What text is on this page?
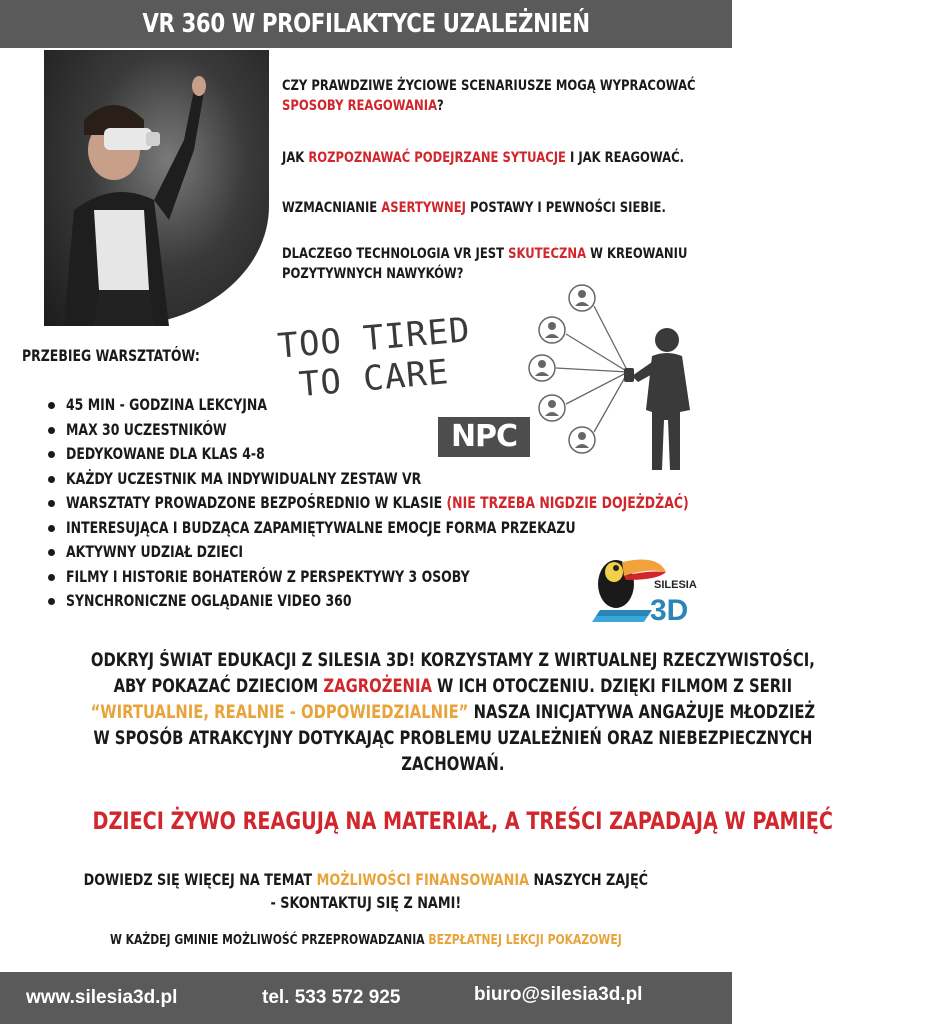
VR 360 W PROFILAKTYCE UZALEŻNIEŃ
CZY PRAWDZIWE ŻYCIOWE SCENARIUSZE MOGĄ WYPRACOWAĆ
SPOSOBY REAGOWANIA?
JAK ROZPOZNAWAĆ PODEJRZANE SYTUACJE I JAK REAGOWAĆ.
WZMACNIANIE ASERTYWNEJ POSTAWY I PEWNOŚCI SIEBIE.
DLACZEGO TECHNOLOGIA VR JEST SKUTECZNA W KREOWANIU
POZYTYWNYCH NAWYKÓW?
TOO TIRED
TO CARE
NPC
PRZEBIEG WARSZTATÓW:
45 MIN - GODZINA LEKCYJNA
MAX 30 UCZESTNIKÓW
DEDYKOWANE DLA KLAS 4-8
KAŻDY UCZESTNIK MA INDYWIDUALNY ZESTAW VR
WARSZTATY PROWADZONE BEZPOŚREDNIO W KLASIE (NIE TRZEBA NIGDZIE DOJEŻDŻAĆ)
INTERESUJĄCA I BUDZĄCA ZAPAMIĘTYWALNE EMOCJE FORMA PRZEKAZU
AKTYWNY UDZIAŁ DZIECI
FILMY I HISTORIE BOHATERÓW Z PERSPEKTYWY 3 OSOBY
SYNCHRONICZNE OGLĄDANIE VIDEO 360
SILESIA
3D
ODKRYJ ŚWIAT EDUKACJI Z SILESIA 3D! KORZYSTAMY Z WIRTUALNEJ RZECZYWISTOŚCI,
ABY POKAZAĆ DZIECIOM ZAGROŻENIA W ICH OTOCZENIU. DZIĘKI FILMOM Z SERII
“WIRTUALNIE, REALNIE - ODPOWIEDZIALNIE” NASZA INICJATYWA ANGAŻUJE MŁODZIEŻ
W SPOSÓB ATRAKCYJNY DOTYKAJĄC PROBLEMU UZALEŻNIEŃ ORAZ NIEBEZPIECZNYCH
ZACHOWAŃ.
DZIECI ŻYWO REAGUJĄ NA MATERIAŁ, A TREŚCI ZAPADAJĄ W PAMIĘĆ
DOWIEDZ SIĘ WIĘCEJ NA TEMAT MOŻLIWOŚCI FINANSOWANIA NASZYCH ZAJĘĆ
- SKONTAKTUJ SIĘ Z NAMI!
W KAŻDEJ GMINIE MOŻLIWOŚĆ PRZEPROWADZANIA BEZPŁATNEJ LEKCJI POKAZOWEJ
www.silesia3d.pl	tel. 533 572 925	biuro@silesia3d.pl
